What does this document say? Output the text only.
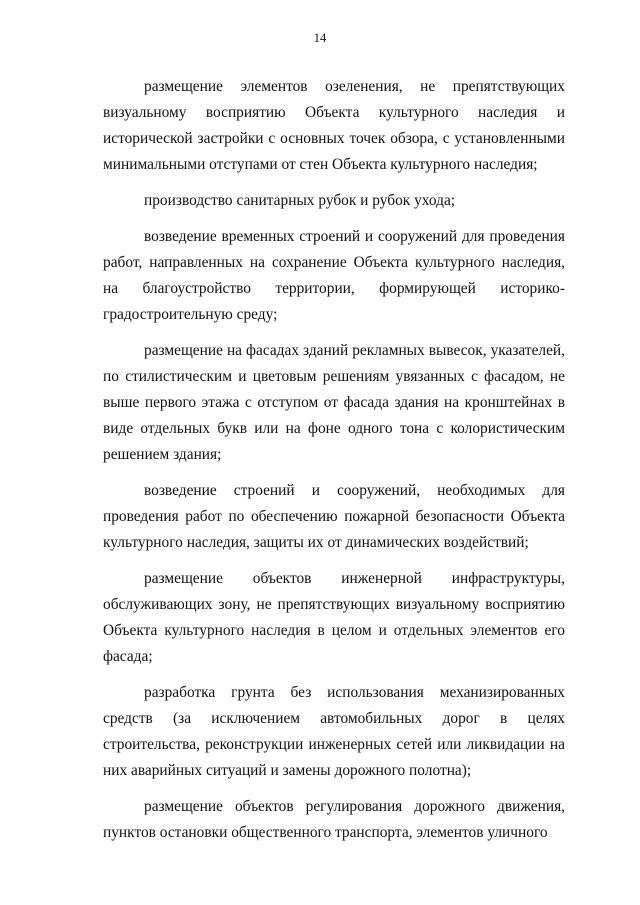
14

размещение элементов озеленения, не препятствующих визуальному восприятию Объекта культурного наследия и исторической застройки с основных точек обзора, с установленными минимальными отступами от стен Объекта культурного наследия;

производство санитарных рубок и рубок ухода;

возведение временных строений и сооружений для проведения работ, направленных на сохранение Объекта культурного наследия, на благоустройство территории, формирующей историко-градостроительную среду;

размещение на фасадах зданий рекламных вывесок, указателей, по стилистическим и цветовым решениям увязанных с фасадом, не выше первого этажа с отступом от фасада здания на кронштейнах в виде отдельных букв или на фоне одного тона с колористическим решением здания;

возведение строений и сооружений, необходимых для проведения работ по обеспечению пожарной безопасности Объекта культурного наследия, защиты их от динамических воздействий;

размещение объектов инженерной инфраструктуры, обслуживающих зону, не препятствующих визуальному восприятию Объекта культурного наследия в целом и отдельных элементов его фасада;

разработка грунта без использования механизированных средств (за исключением автомобильных дорог в целях строительства, реконструкции инженерных сетей или ликвидации на них аварийных ситуаций и замены дорожного полотна);

размещение объектов регулирования дорожного движения, пунктов остановки общественного транспорта, элементов уличного
